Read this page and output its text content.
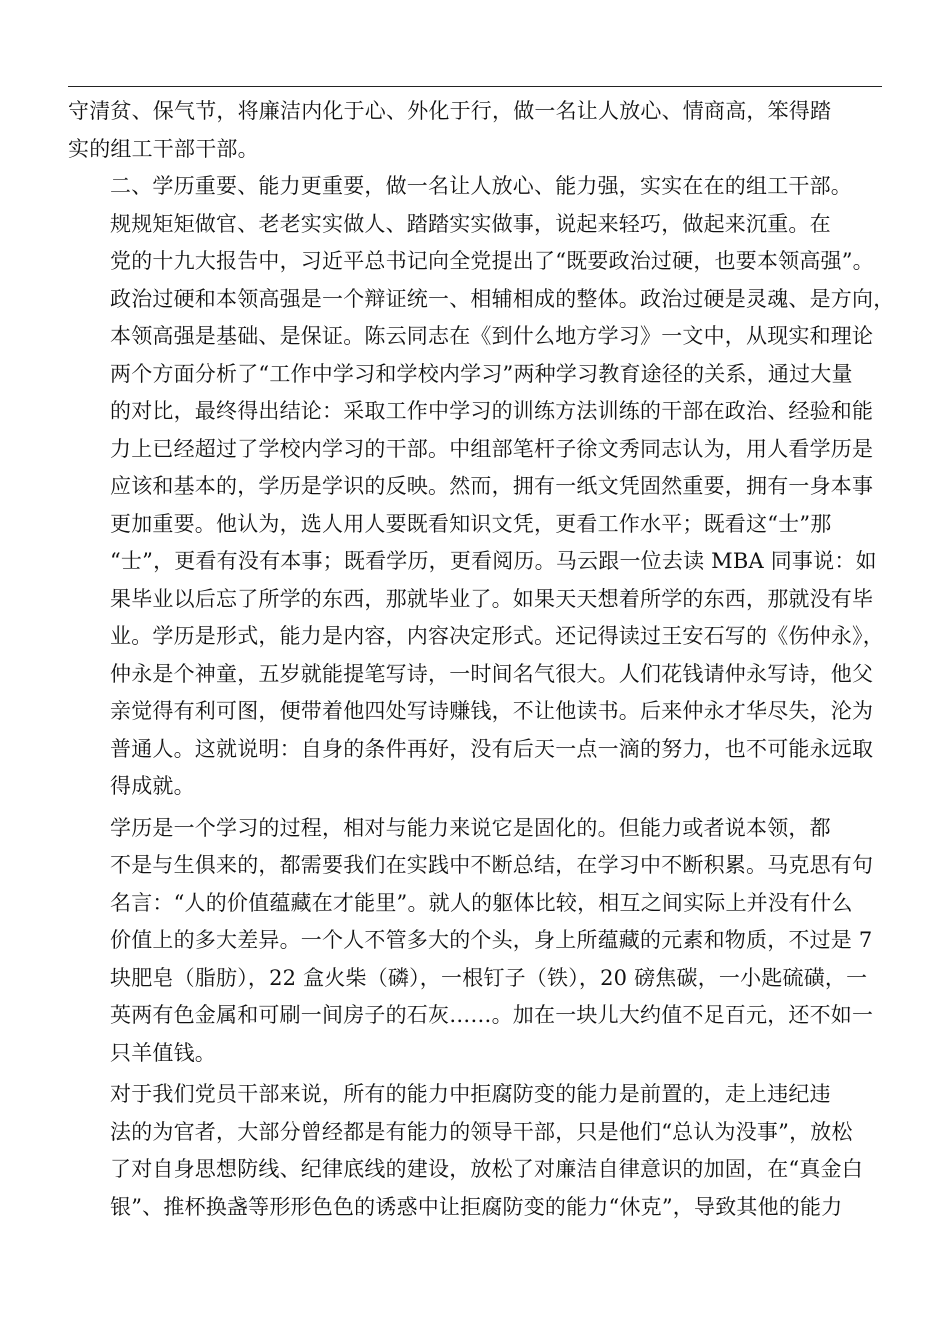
守清贫、保气节，将廉洁内化于心、外化于行，做一名让人放心、情商高，笨得踏
实的组工干部干部。

二、学历重要、能力更重要，做一名让人放心、能力强，实实在在的组工干部。

规规矩矩做官、老老实实做人、踏踏实实做事，说起来轻巧，做起来沉重。在
党的十九大报告中，习近平总书记向全党提出了“既要政治过硬，也要本领高强”。
政治过硬和本领高强是一个辩证统一、相辅相成的整体。政治过硬是灵魂、是方向，
本领高强是基础、是保证。陈云同志在《到什么地方学习》一文中，从现实和理论
两个方面分析了“工作中学习和学校内学习”两种学习教育途径的关系，通过大量
的对比，最终得出结论：采取工作中学习的训练方法训练的干部在政治、经验和能
力上已经超过了学校内学习的干部。中组部笔杆子徐文秀同志认为，用人看学历是
应该和基本的，学历是学识的反映。然而，拥有一纸文凭固然重要，拥有一身本事
更加重要。他认为，选人用人要既看知识文凭，更看工作水平；既看这“士”那
“士”，更看有没有本事；既看学历，更看阅历。马云跟一位去读 MBA 同事说：如
果毕业以后忘了所学的东西，那就毕业了。如果天天想着所学的东西，那就没有毕
业。学历是形式，能力是内容，内容决定形式。还记得读过王安石写的《伤仲永》，
仲永是个神童，五岁就能提笔写诗，一时间名气很大。人们花钱请仲永写诗，他父
亲觉得有利可图，便带着他四处写诗赚钱，不让他读书。后来仲永才华尽失，沦为
普通人。这就说明：自身的条件再好，没有后天一点一滴的努力，也不可能永远取
得成就。

学历是一个学习的过程，相对与能力来说它是固化的。但能力或者说本领，都
不是与生俱来的，都需要我们在实践中不断总结，在学习中不断积累。马克思有句
名言：“人的价值蕴藏在才能里”。就人的躯体比较，相互之间实际上并没有什么
价值上的多大差异。一个人不管多大的个头，身上所蕴藏的元素和物质，不过是 7
块肥皂（脂肪），22 盒火柴（磷），一根钉子（铁），20 磅焦碳，一小匙硫磺，一
英两有色金属和可刷一间房子的石灰……。加在一块儿大约值不足百元，还不如一
只羊值钱。

对于我们党员干部来说，所有的能力中拒腐防变的能力是前置的，走上违纪违
法的为官者，大部分曾经都是有能力的领导干部，只是他们“总认为没事”，放松
了对自身思想防线、纪律底线的建设，放松了对廉洁自律意识的加固，在“真金白
银”、推杯换盏等形形色色的诱惑中让拒腐防变的能力“休克”，导致其他的能力
